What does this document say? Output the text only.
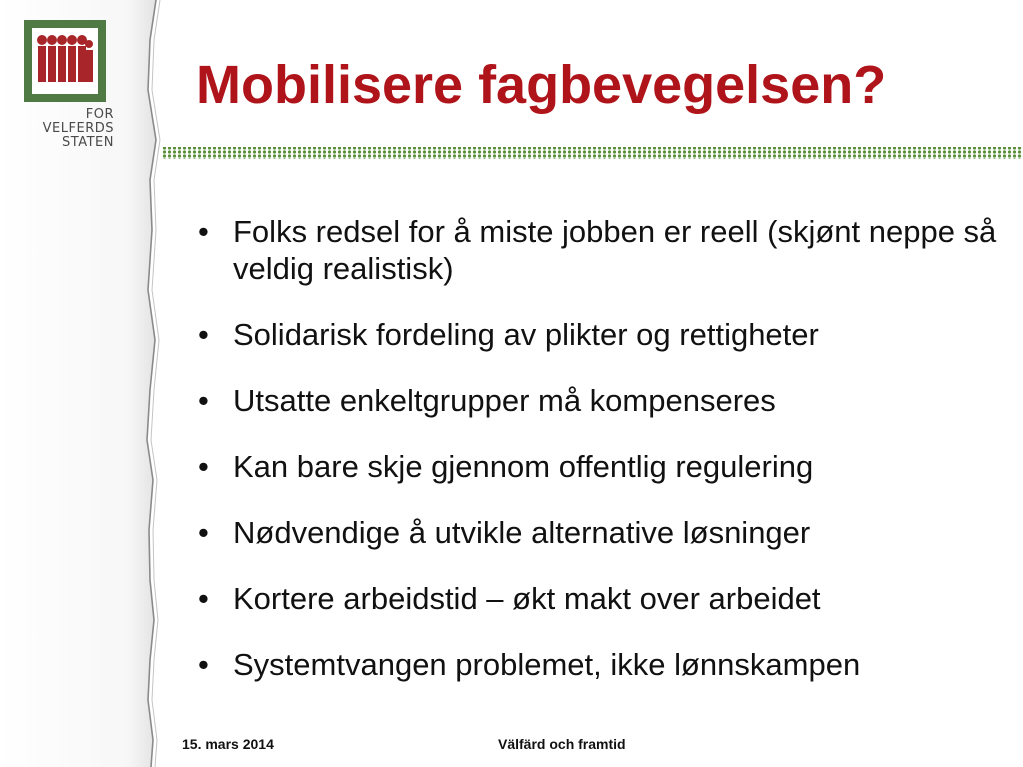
FOR
VELFERDS
STATEN
Mobilisere fagbevegelsen?
• Folks redsel for å miste jobben er reell (skjønt neppe så veldig realistisk)
• Solidarisk fordeling av plikter og rettigheter
• Utsatte enkeltgrupper må kompenseres
• Kan bare skje gjennom offentlig regulering
• Nødvendige å utvikle alternative løsninger
• Kortere arbeidstid – økt makt over arbeidet
• Systemtvangen problemet, ikke lønnskampen
15. mars 2014	Välfärd och framtid
